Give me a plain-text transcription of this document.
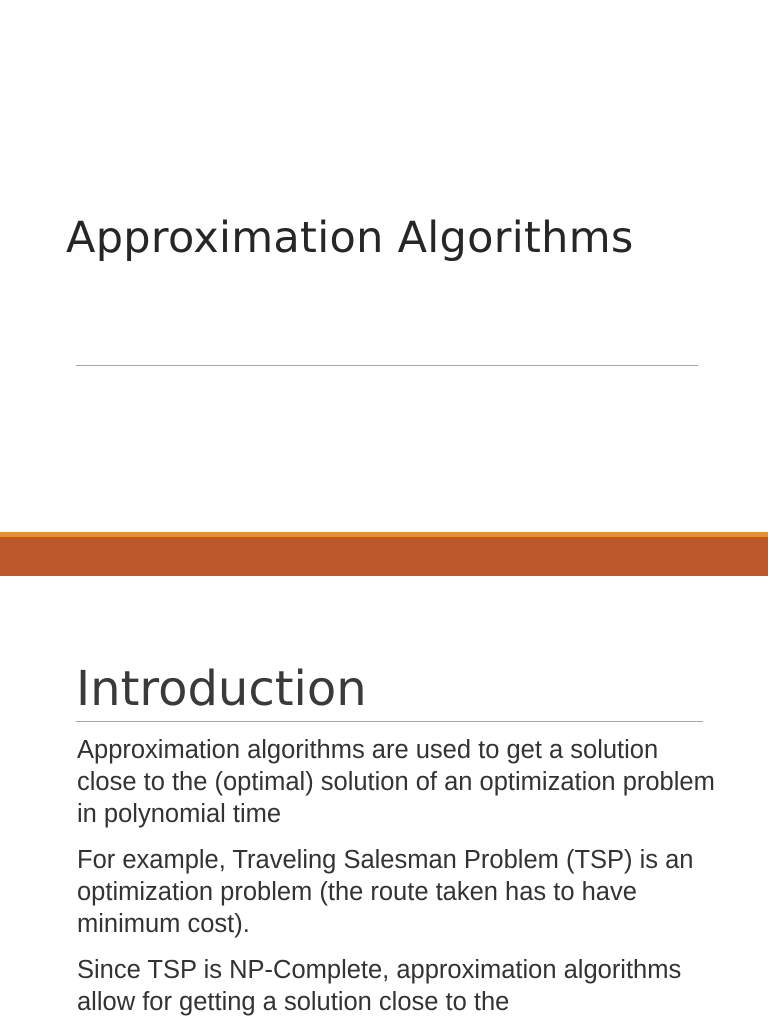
Approximation Algorithms
Introduction

Approximation algorithms are used to get a solution close to the (optimal) solution of an optimization problem in polynomial time

For example, Traveling Salesman Problem (TSP) is an optimization problem (the route taken has to have minimum cost).

Since TSP is NP-Complete, approximation algorithms allow for getting a solution close to the
